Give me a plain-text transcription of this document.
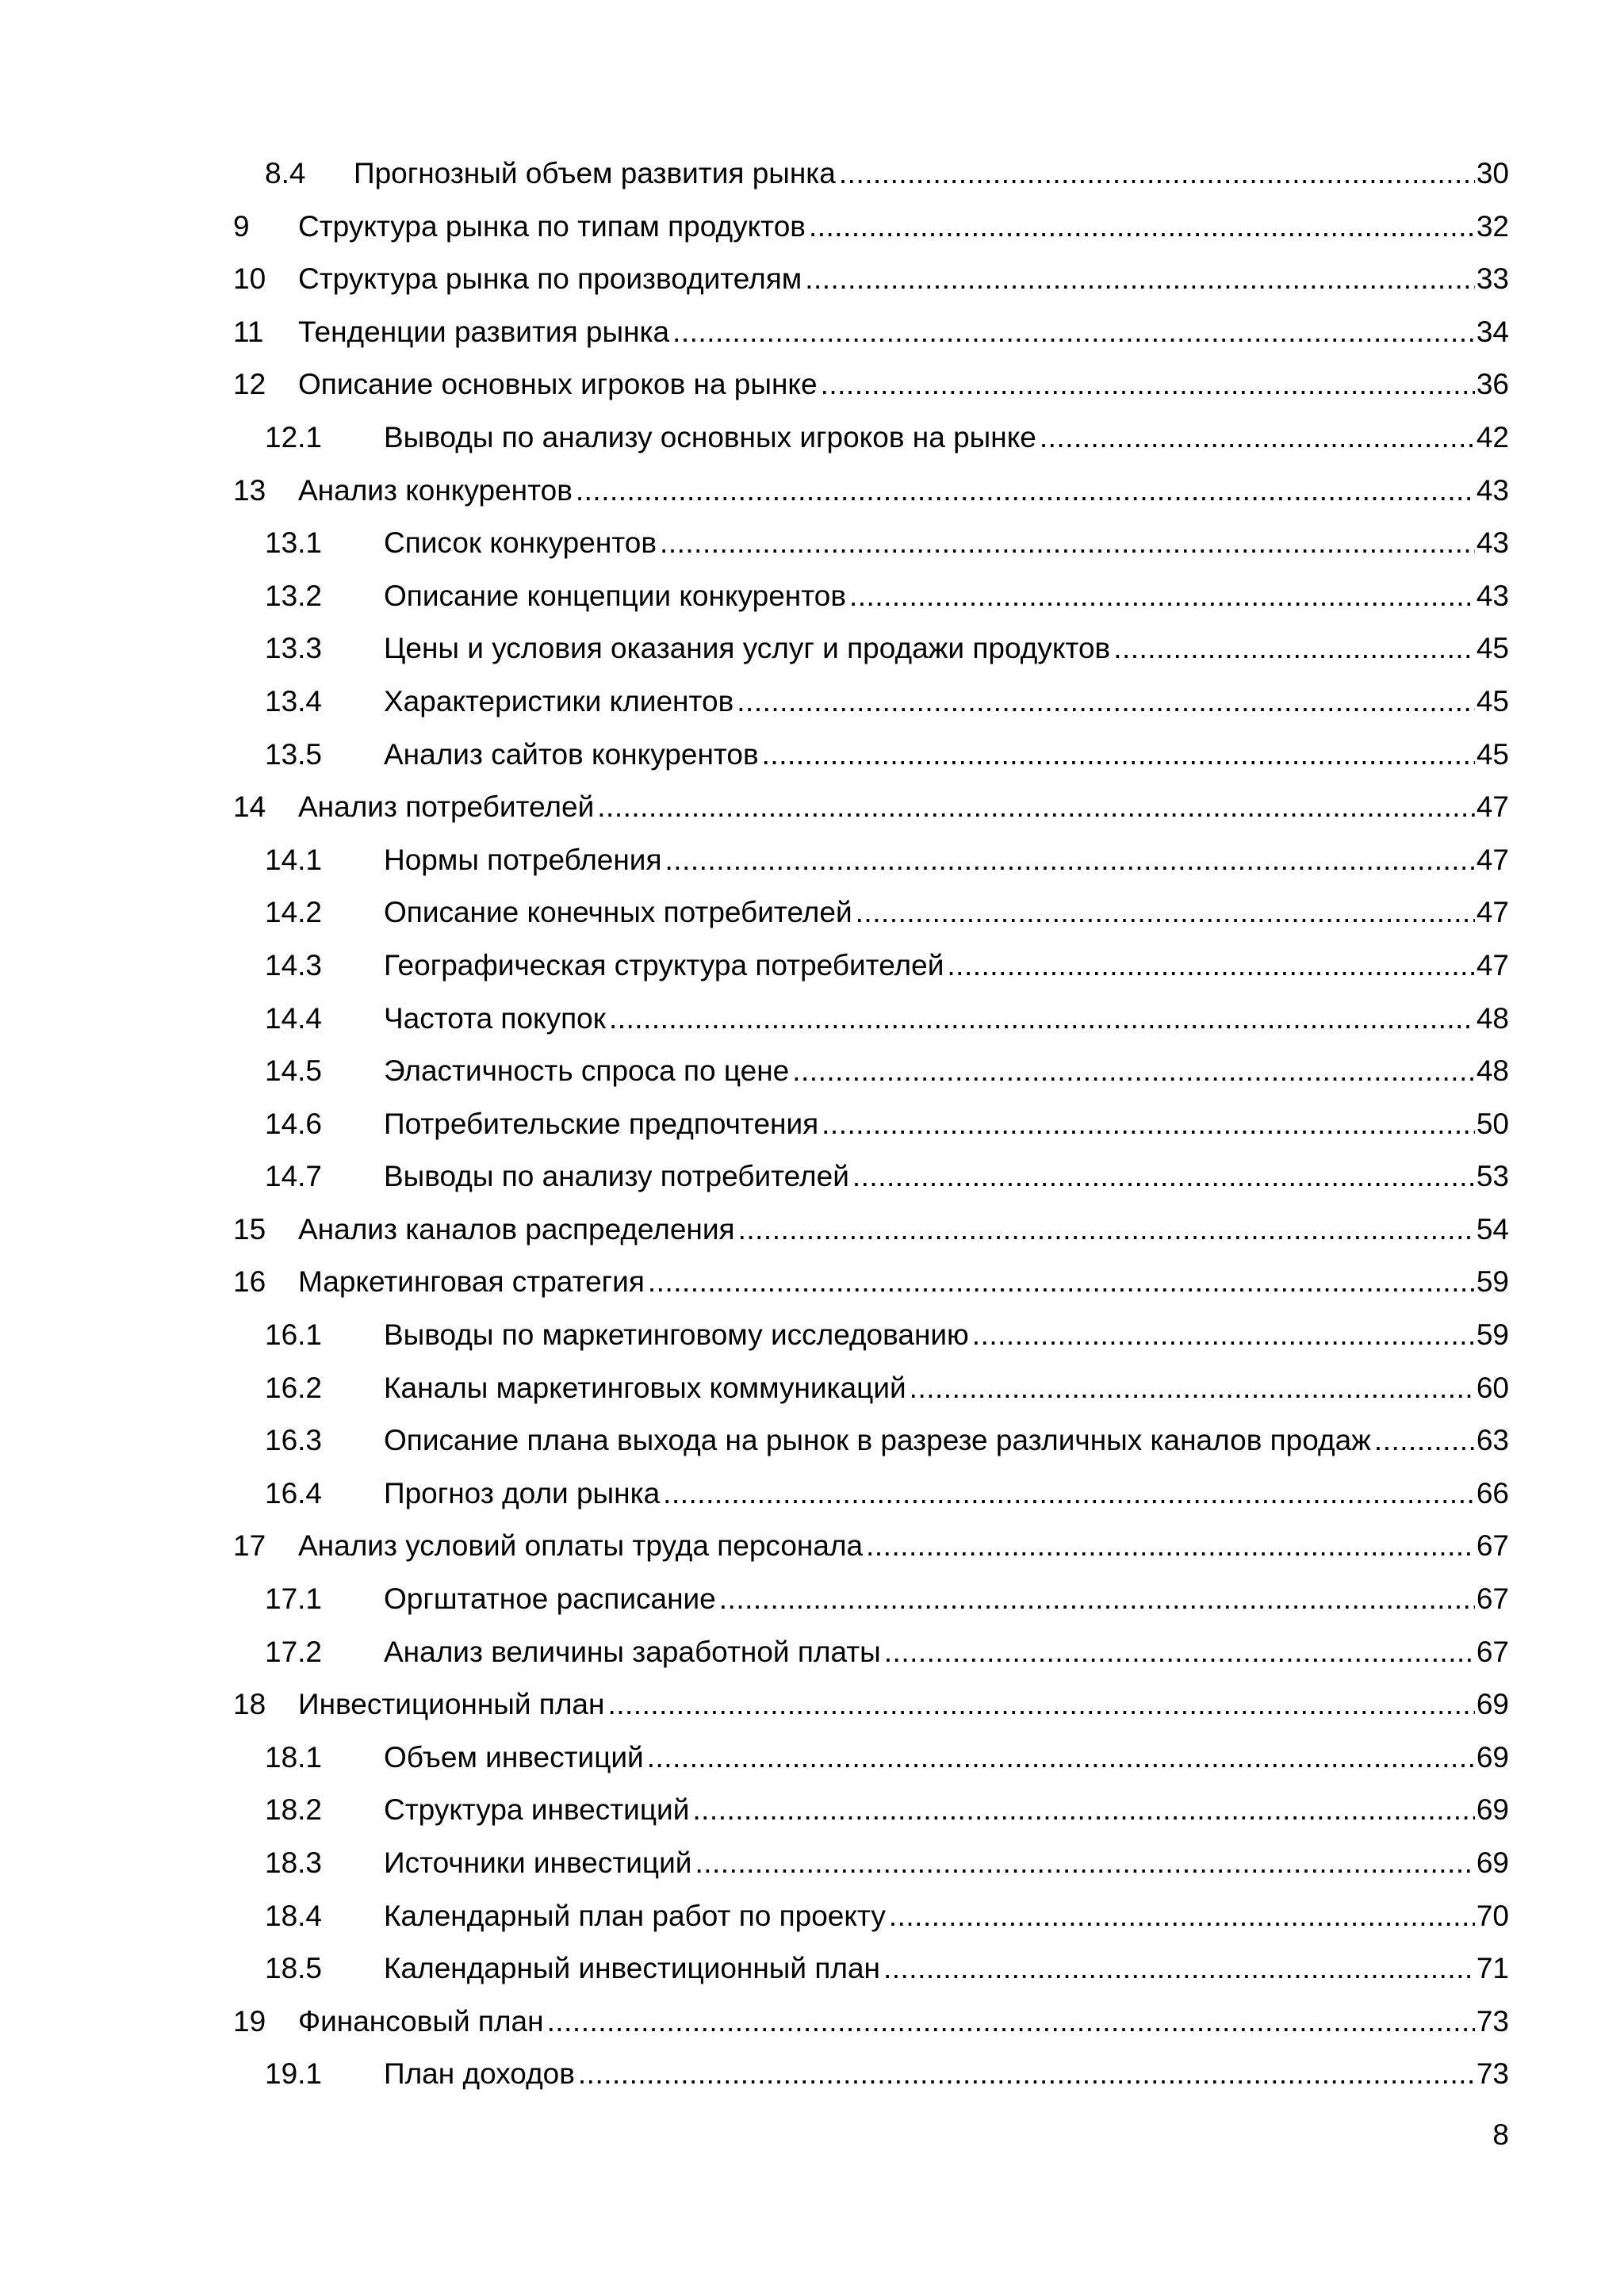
8.4 Прогнозный объем развития рынка .....	30
9 Структура рынка по типам продуктов .....	32
10 Структура рынка по производителям .....	33
11 Тенденции развития рынка .....	34
12 Описание основных игроков на рынке .....	36
12.1 Выводы по анализу основных игроков на рынке .....	42
13 Анализ конкурентов .....	43
13.1 Список конкурентов .....	43
13.2 Описание концепции конкурентов .....	43
13.3 Цены и условия оказания услуг и продажи продуктов .....	45
13.4 Характеристики клиентов .....	45
13.5 Анализ сайтов конкурентов .....	45
14 Анализ потребителей .....	47
14.1 Нормы потребления .....	47
14.2 Описание конечных потребителей .....	47
14.3 Географическая структура потребителей .....	47
14.4 Частота покупок .....	48
14.5 Эластичность спроса по цене .....	48
14.6 Потребительские предпочтения .....	50
14.7 Выводы по анализу потребителей .....	53
15 Анализ каналов распределения .....	54
16 Маркетинговая стратегия .....	59
16.1 Выводы по маркетинговому исследованию .....	59
16.2 Каналы маркетинговых коммуникаций .....	60
16.3 Описание плана выхода на рынок в разрезе различных каналов продаж .....	63
16.4 Прогноз доли рынка .....	66
17 Анализ условий оплаты труда персонала .....	67
17.1 Оргштатное расписание .....	67
17.2 Анализ величины заработной платы .....	67
18 Инвестиционный план .....	69
18.1 Объем инвестиций .....	69
18.2 Структура инвестиций .....	69
18.3 Источники инвестиций .....	69
18.4 Календарный план работ по проекту .....	70
18.5 Календарный инвестиционный план .....	71
19 Финансовый план .....	73
19.1 План доходов .....	73
8
